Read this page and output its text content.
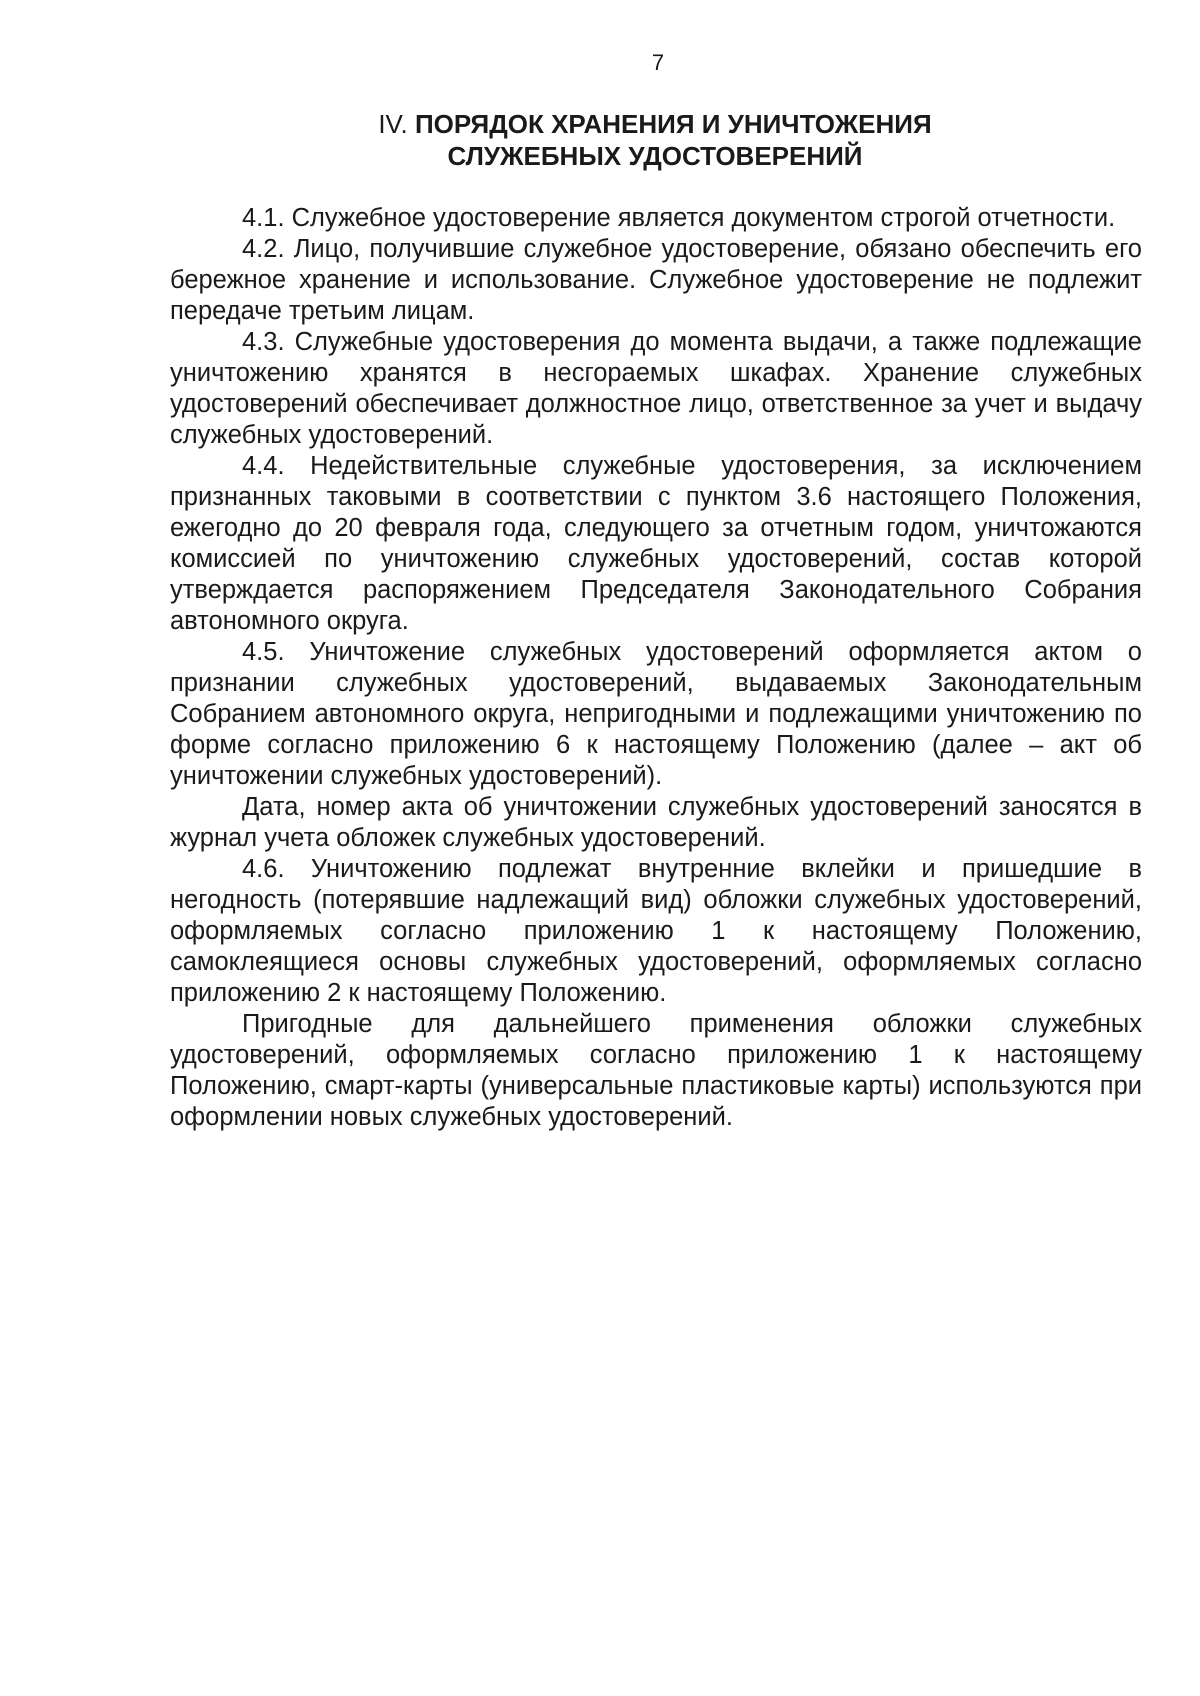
7
IV. ПОРЯДОК ХРАНЕНИЯ И УНИЧТОЖЕНИЯ
СЛУЖЕБНЫХ УДОСТОВЕРЕНИЙ

4.1. Служебное удостоверение является документом строгой отчетности.

4.2. Лицо, получившие служебное удостоверение, обязано обеспечить его бережное хранение и использование. Служебное удостоверение не подлежит передаче третьим лицам.

4.3. Служебные удостоверения до момента выдачи, а также подлежащие уничтожению хранятся в несгораемых шкафах. Хранение служебных удостоверений обеспечивает должностное лицо, ответственное за учет и выдачу служебных удостоверений.

4.4. Недействительные служебные удостоверения, за исключением признанных таковыми в соответствии с пунктом 3.6 настоящего Положения, ежегодно до 20 февраля года, следующего за отчетным годом, уничтожаются комиссией по уничтожению служебных удостоверений, состав которой утверждается распоряжением Председателя Законодательного Собрания автономного округа.

4.5. Уничтожение служебных удостоверений оформляется актом о признании служебных удостоверений, выдаваемых Законодательным Собранием автономного округа, непригодными и подлежащими уничтожению по форме согласно приложению 6 к настоящему Положению (далее – акт об уничтожении служебных удостоверений).

Дата, номер акта об уничтожении служебных удостоверений заносятся в журнал учета обложек служебных удостоверений.

4.6. Уничтожению подлежат внутренние вклейки и пришедшие в негодность (потерявшие надлежащий вид) обложки служебных удостоверений, оформляемых согласно приложению 1 к настоящему Положению, самоклеящиеся основы служебных удостоверений, оформляемых согласно приложению 2 к настоящему Положению.

Пригодные для дальнейшего применения обложки служебных удостоверений, оформляемых согласно приложению 1 к настоящему Положению, смарт-карты (универсальные пластиковые карты) используются при оформлении новых служебных удостоверений.
